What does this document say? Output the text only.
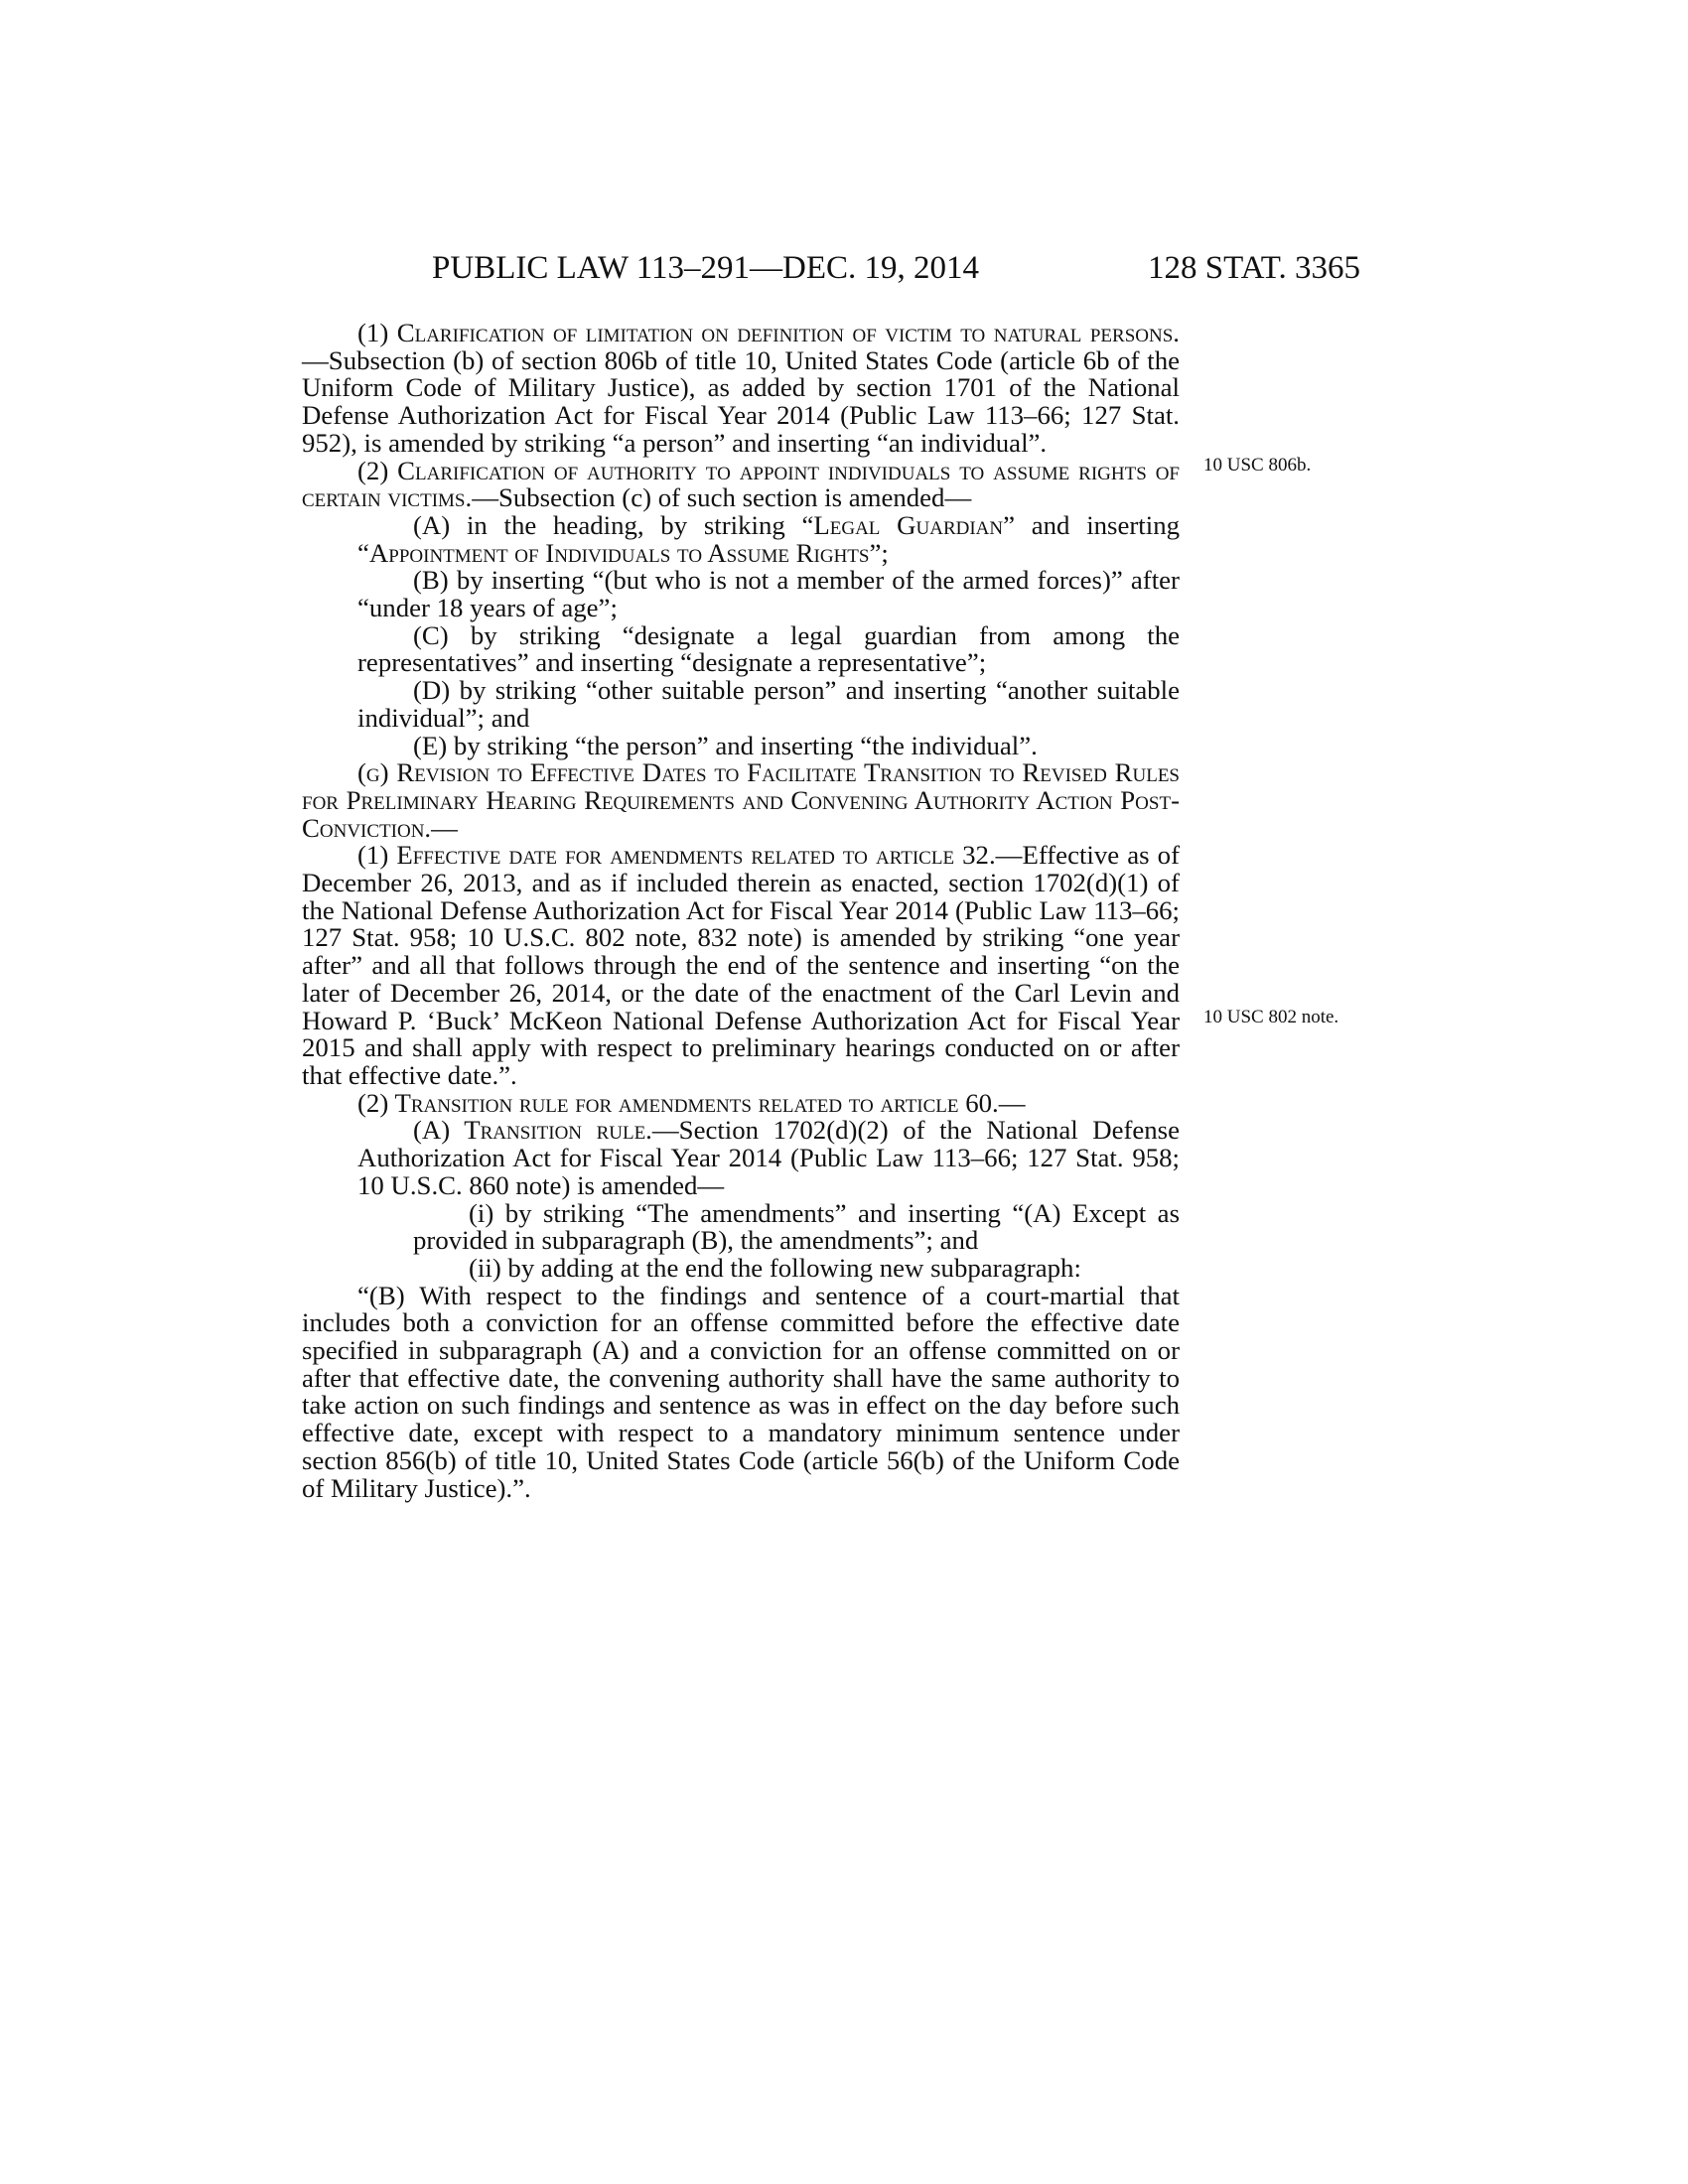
PUBLIC LAW 113–291—DEC. 19, 2014	128 STAT. 3365

(1) Clarification of limitation on definition of victim to natural persons.—Subsection (b) of section 806b of title 10, United States Code (article 6b of the Uniform Code of Military Justice), as added by section 1701 of the National Defense Authorization Act for Fiscal Year 2014 (Public Law 113–66; 127 Stat. 952), is amended by striking “a person” and inserting “an individual”.

(2) Clarification of authority to appoint individuals to assume rights of certain victims.—Subsection (c) of such section is amended—

(A) in the heading, by striking “Legal Guardian” and inserting “Appointment of Individuals to Assume Rights”;

(B) by inserting “(but who is not a member of the armed forces)” after “under 18 years of age”;

(C) by striking “designate a legal guardian from among the representatives” and inserting “designate a representative”;

(D) by striking “other suitable person” and inserting “another suitable individual”; and

(E) by striking “the person” and inserting “the individual”.

(g) Revision to Effective Dates to Facilitate Transition to Revised Rules for Preliminary Hearing Requirements and Convening Authority Action Post-Conviction.—

(1) Effective date for amendments related to article 32.—Effective as of December 26, 2013, and as if included therein as enacted, section 1702(d)(1) of the National Defense Authorization Act for Fiscal Year 2014 (Public Law 113–66; 127 Stat. 958; 10 U.S.C. 802 note, 832 note) is amended by striking “one year after” and all that follows through the end of the sentence and inserting “on the later of December 26, 2014, or the date of the enactment of the Carl Levin and Howard P. ‘Buck’ McKeon National Defense Authorization Act for Fiscal Year 2015 and shall apply with respect to preliminary hearings conducted on or after that effective date.”.

(2) Transition rule for amendments related to article 60.—

(A) Transition rule.—Section 1702(d)(2) of the National Defense Authorization Act for Fiscal Year 2014 (Public Law 113–66; 127 Stat. 958; 10 U.S.C. 860 note) is amended—

(i) by striking “The amendments” and inserting “(A) Except as provided in subparagraph (B), the amendments”; and

(ii) by adding at the end the following new subparagraph:

“(B) With respect to the findings and sentence of a court-martial that includes both a conviction for an offense committed before the effective date specified in subparagraph (A) and a conviction for an offense committed on or after that effective date, the convening authority shall have the same authority to take action on such findings and sentence as was in effect on the day before such effective date, except with respect to a mandatory minimum sentence under section 856(b) of title 10, United States Code (article 56(b) of the Uniform Code of Military Justice).”.

10 USC 806b.
10 USC 802 note.
